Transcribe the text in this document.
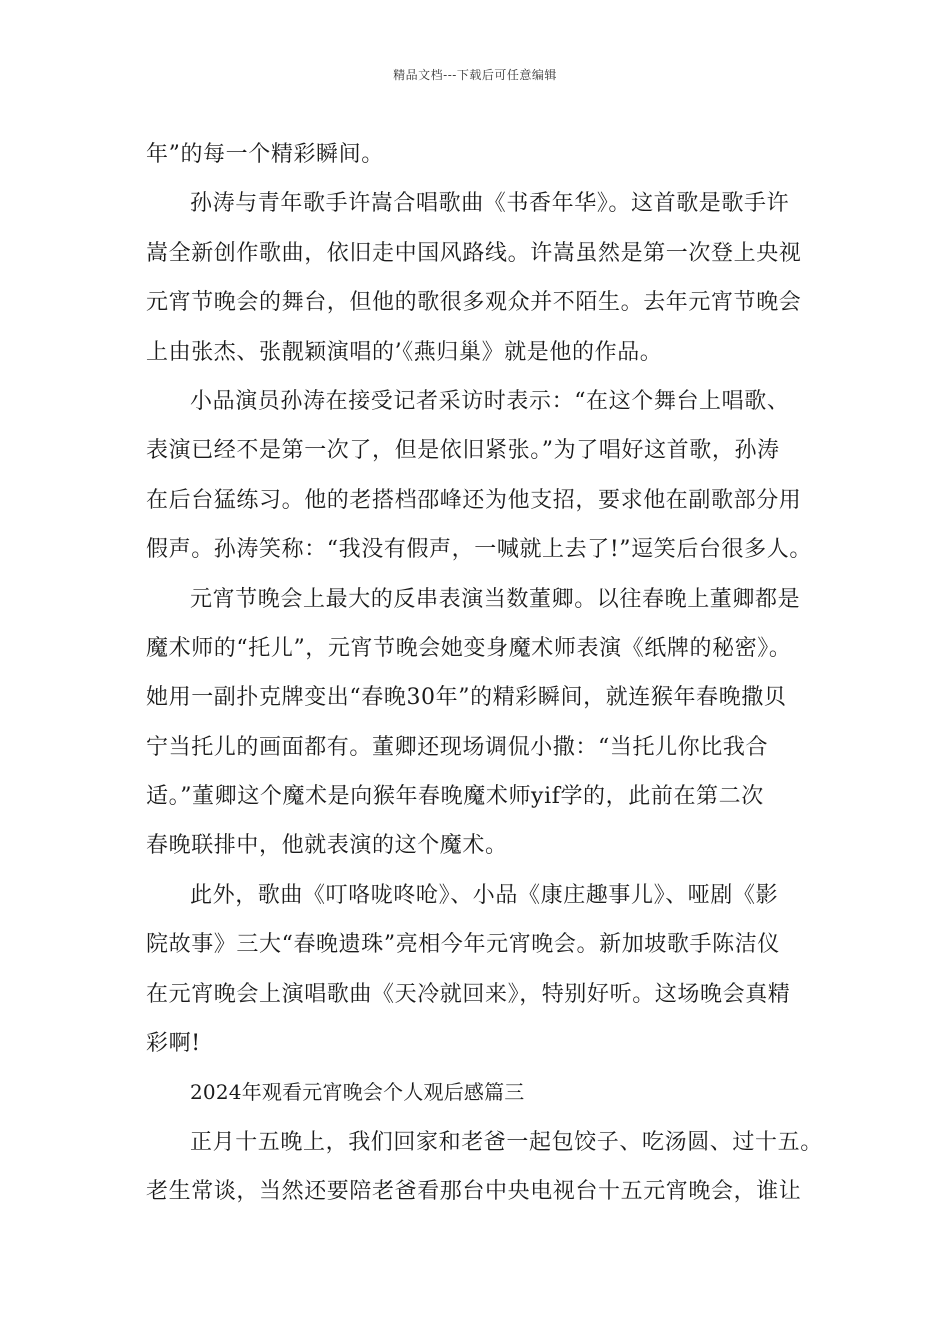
精品文档---下载后可任意编辑
年”的每一个精彩瞬间。
孙涛与青年歌手许嵩合唱歌曲《书香年华》。这首歌是歌手许
嵩全新创作歌曲，依旧走中国风路线。许嵩虽然是第一次登上央视
元宵节晚会的舞台，但他的歌很多观众并不陌生。去年元宵节晚会
上由张杰、张靓颖演唱的’《燕归巢》就是他的作品。
小品演员孙涛在接受记者采访时表示：“在这个舞台上唱歌、
表演已经不是第一次了，但是依旧紧张。”为了唱好这首歌，孙涛
在后台猛练习。他的老搭档邵峰还为他支招，要求他在副歌部分用
假声。孙涛笑称：“我没有假声，一喊就上去了!”逗笑后台很多人。
元宵节晚会上最大的反串表演当数董卿。以往春晚上董卿都是
魔术师的“托儿”，元宵节晚会她变身魔术师表演《纸牌的秘密》。
她用一副扑克牌变出“春晚30年”的精彩瞬间，就连猴年春晚撒贝
宁当托儿的画面都有。董卿还现场调侃小撒：“当托儿你比我合
适。”董卿这个魔术是向猴年春晚魔术师yif学的，此前在第二次
春晚联排中，他就表演的这个魔术。
此外，歌曲《叮咯咙咚呛》、小品《康庄趣事儿》、哑剧《影
院故事》三大“春晚遗珠”亮相今年元宵晚会。新加坡歌手陈洁仪
在元宵晚会上演唱歌曲《天冷就回来》，特别好听。这场晚会真精
彩啊!
2024年观看元宵晚会个人观后感篇三
正月十五晚上，我们回家和老爸一起包饺子、吃汤圆、过十五。
老生常谈，当然还要陪老爸看那台中央电视台十五元宵晚会，谁让
